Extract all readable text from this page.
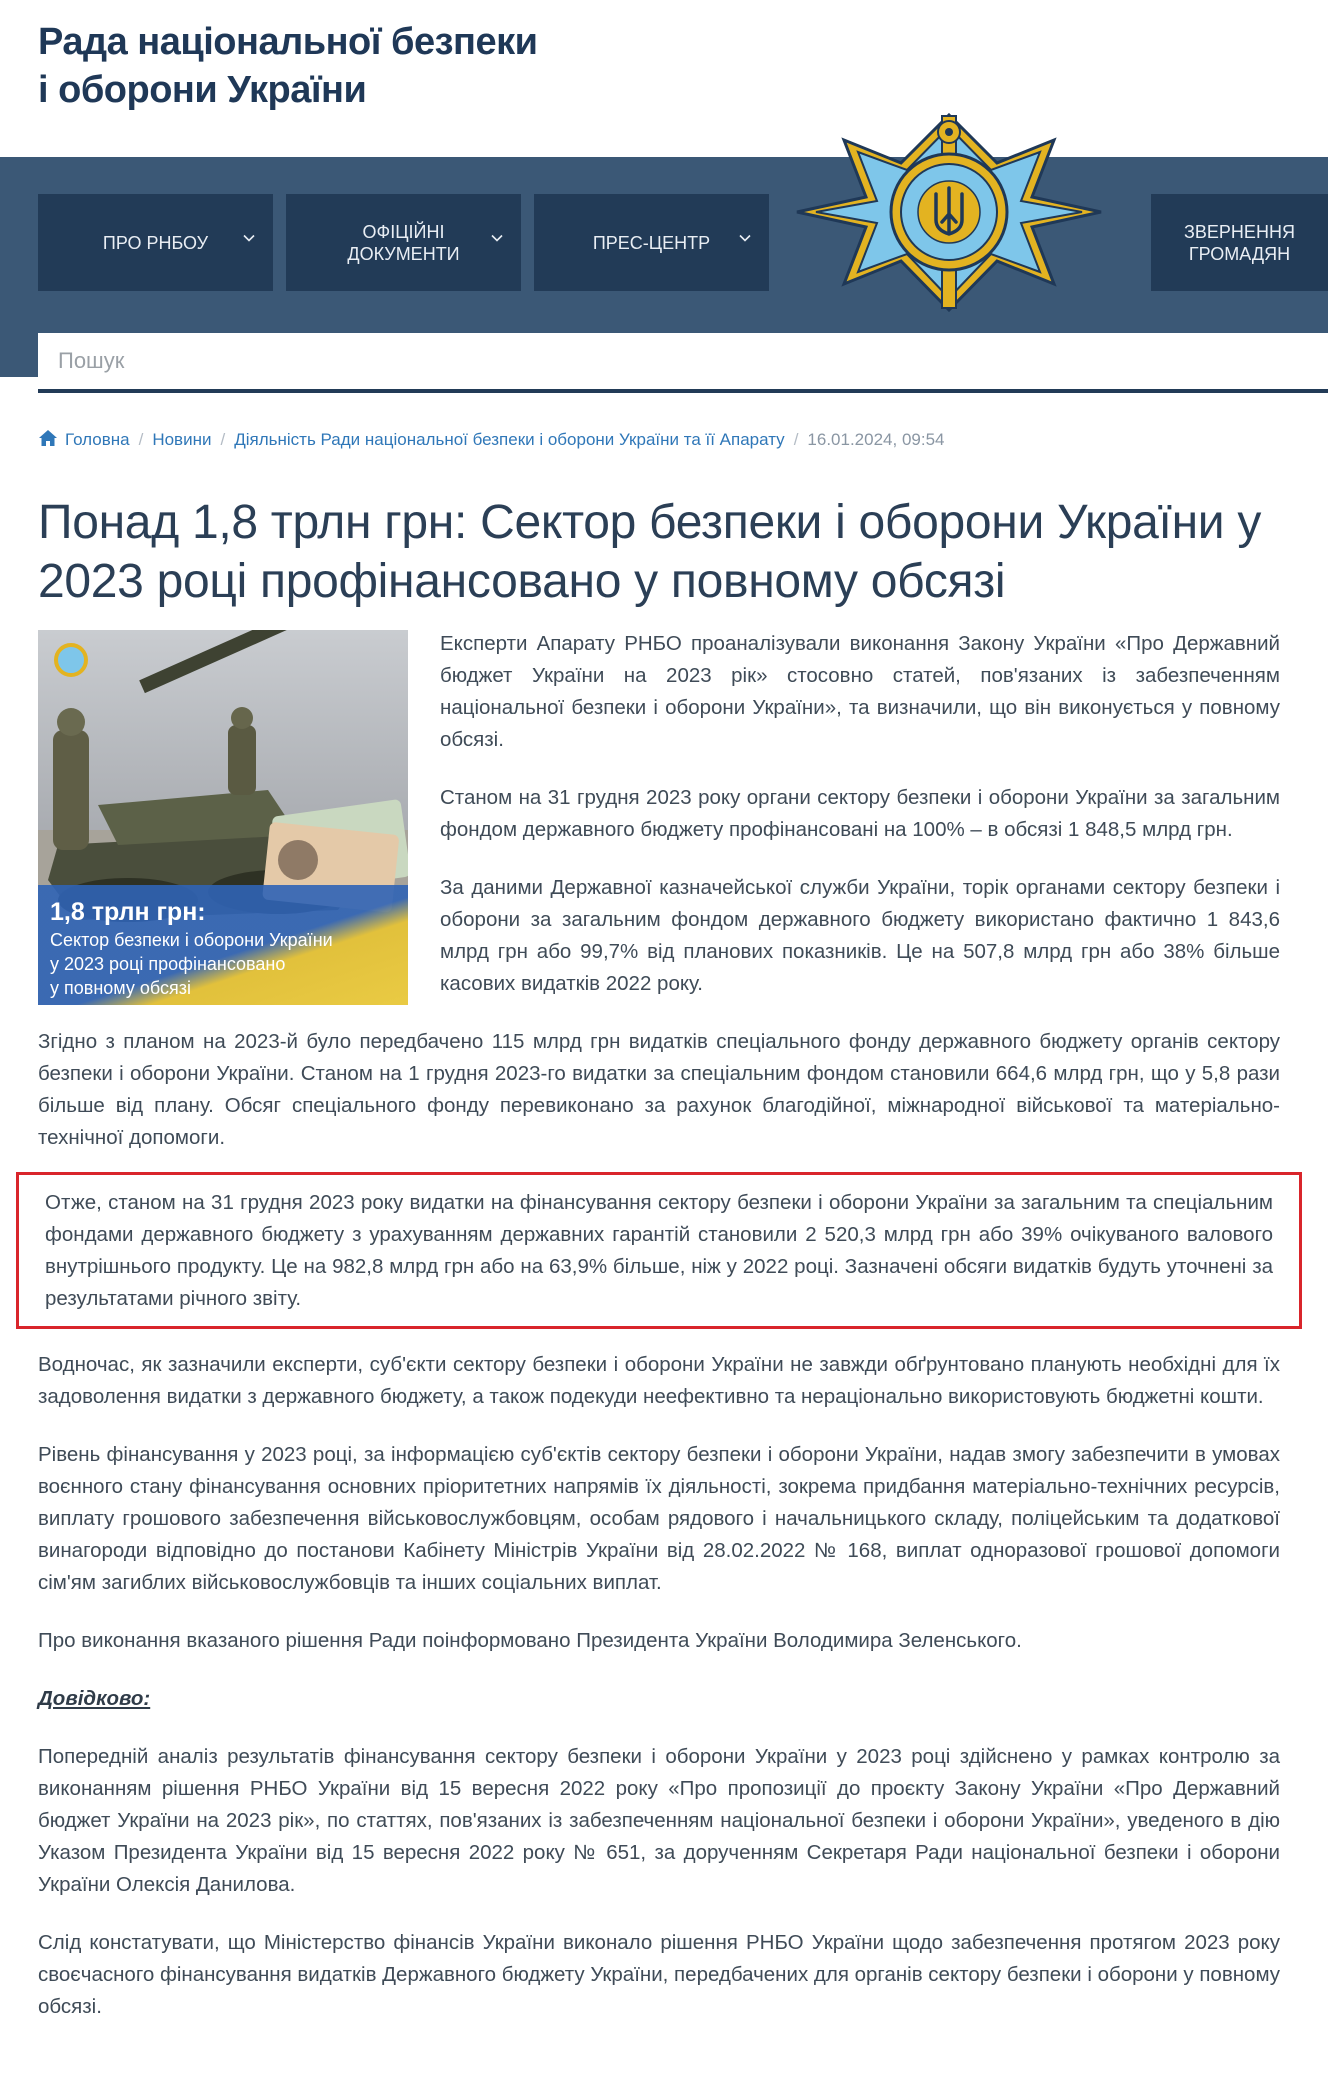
Рада національної безпеки
і оборони України
ПРО РНБОУ
ОФІЦІЙНІ ДОКУМЕНТИ
ПРЕС-ЦЕНТР
ЗВЕРНЕННЯ ГРОМАДЯН
Пошук
Головна / Новини / Діяльність Ради національної безпеки і оборони України та її Апарату / 16.01.2024, 09:54
Понад 1,8 трлн грн: Сектор безпеки і оборони України у 2023 році профінансовано у повному обсязі
1,8 трлн грн:
Сектор безпеки і оборони України
у 2023 році профінансовано
у повному обсязі

Експерти Апарату РНБО проаналізували виконання Закону України «Про Державний бюджет України на 2023 рік» стосовно статей, пов'язаних із забезпеченням національної безпеки і оборони України», та визначили, що він виконується у повному обсязі.

Станом на 31 грудня 2023 року органи сектору безпеки і оборони України за загальним фондом державного бюджету профінансовані на 100% – в обсязі 1 848,5 млрд грн.

За даними Державної казначейської служби України, торік органами сектору безпеки і оборони за загальним фондом державного бюджету використано фактично 1 843,6 млрд грн або 99,7% від планових показників. Це на 507,8 млрд грн або 38% більше касових видатків 2022 року.

Згідно з планом на 2023-й було передбачено 115 млрд грн видатків спеціального фонду державного бюджету органів сектору безпеки і оборони України. Станом на 1 грудня 2023-го видатки за спеціальним фондом становили 664,6 млрд грн, що у 5,8 рази більше від плану. Обсяг спеціального фонду перевиконано за рахунок благодійної, міжнародної військової та матеріально-технічної допомоги.

Отже, станом на 31 грудня 2023 року видатки на фінансування сектору безпеки і оборони України за загальним та спеціальним фондами державного бюджету з урахуванням державних гарантій становили 2 520,3 млрд грн або 39% очікуваного валового внутрішнього продукту. Це на 982,8 млрд грн або на 63,9% більше, ніж у 2022 році. Зазначені обсяги видатків будуть уточнені за результатами річного звіту.

Водночас, як зазначили експерти, суб'єкти сектору безпеки і оборони України не завжди обґрунтовано планують необхідні для їх задоволення видатки з державного бюджету, а також подекуди неефективно та нераціонально використовують бюджетні кошти.

Рівень фінансування у 2023 році, за інформацією суб'єктів сектору безпеки і оборони України, надав змогу забезпечити в умовах воєнного стану фінансування основних пріоритетних напрямів їх діяльності, зокрема придбання матеріально-технічних ресурсів, виплату грошового забезпечення військовослужбовцям, особам рядового і начальницького складу, поліцейським та додаткової винагороди відповідно до постанови Кабінету Міністрів України від 28.02.2022 № 168, виплат одноразової грошової допомоги сім'ям загиблих військовослужбовців та інших соціальних виплат.

Про виконання вказаного рішення Ради поінформовано Президента України Володимира Зеленського.

Довідково:

Попередній аналіз результатів фінансування сектору безпеки і оборони України у 2023 році здійснено у рамках контролю за виконанням рішення РНБО України від 15 вересня 2022 року «Про пропозиції до проєкту Закону України «Про Державний бюджет України на 2023 рік», по статтях, пов'язаних із забезпеченням національної безпеки і оборони України», уведеного в дію Указом Президента України від 15 вересня 2022 року № 651, за дорученням Секретаря Ради національної безпеки і оборони України Олексія Данилова.

Слід констатувати, що Міністерство фінансів України виконало рішення РНБО України щодо забезпечення протягом 2023 року своєчасного фінансування видатків Державного бюджету України, передбачених для органів сектору безпеки і оборони у повному обсязі.
